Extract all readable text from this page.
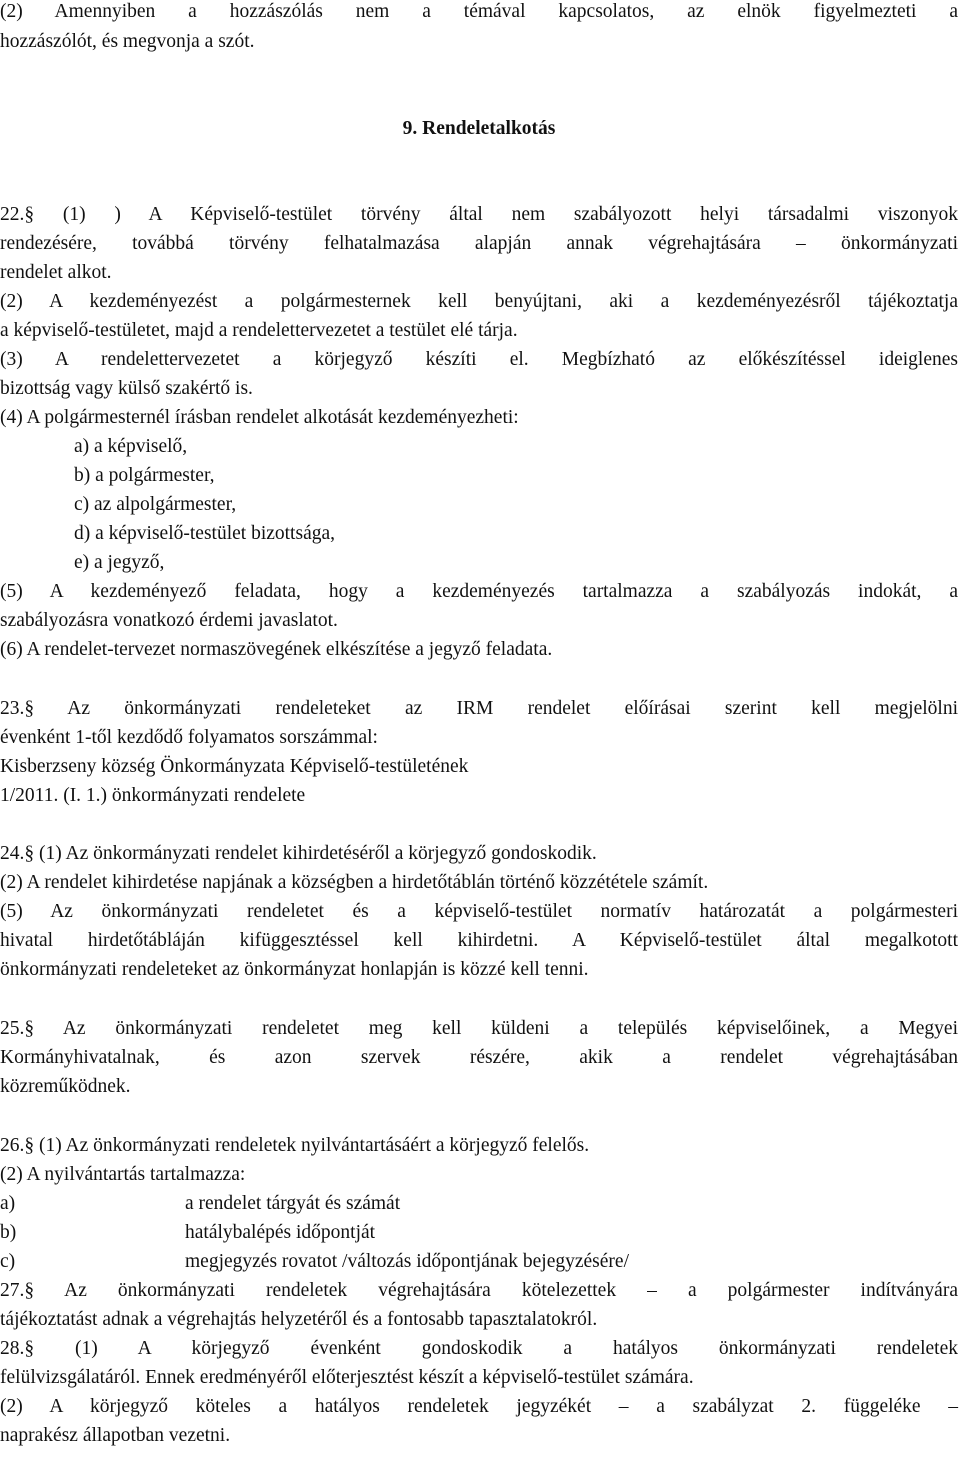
(2) Amennyiben a hozzászólás nem a témával kapcsolatos, az elnök figyelmezteti a

hozzászólót, és megvonja a szót.

9. Rendeletalkotás

22.§ (1) ) A Képviselő-testület törvény által nem szabályozott helyi társadalmi viszonyok

rendezésére, továbbá törvény felhatalmazása alapján annak végrehajtására – önkormányzati

rendelet alkot.

(2) A kezdeményezést a polgármesternek kell benyújtani, aki a kezdeményezésről tájékoztatja

a képviselő-testületet, majd a rendelettervezetet a testület elé tárja.

(3) A rendelettervezetet a körjegyző készíti el. Megbízható az előkészítéssel ideiglenes

bizottság vagy külső szakértő is.

(4) A polgármesternél írásban rendelet alkotását kezdeményezheti:

a) a képviselő,

b) a polgármester,

c) az alpolgármester,

d) a képviselő-testület bizottsága,

e) a jegyző,

(5) A kezdeményező feladata, hogy a kezdeményezés tartalmazza a szabályozás indokát, a

szabályozásra vonatkozó érdemi javaslatot.

(6) A rendelet-tervezet normaszövegének elkészítése a jegyző feladata.

23.§ Az önkormányzati rendeleteket az IRM rendelet előírásai szerint kell megjelölni

évenként 1-től kezdődő folyamatos sorszámmal:

Kisberzseny község Önkormányzata Képviselő-testületének

1/2011. (I. 1.) önkormányzati rendelete

24.§ (1) Az önkormányzati rendelet kihirdetéséről a körjegyző gondoskodik.

(2) A rendelet kihirdetése napjának a községben a hirdetőtáblán történő közzététele számít.

(5) Az önkormányzati rendeletet és a képviselő-testület normatív határozatát a polgármesteri

hivatal hirdetőtábláján kifüggesztéssel kell kihirdetni. A Képviselő-testület által megalkotott

önkormányzati rendeleteket az önkormányzat honlapján is közzé kell tenni.

25.§ Az önkormányzati rendeletet meg kell küldeni a település képviselőinek, a Megyei

Kormányhivatalnak, és azon szervek részére, akik a rendelet végrehajtásában

közreműködnek.

26.§ (1) Az önkormányzati rendeletek nyilvántartásáért a körjegyző felelős.

(2) A nyilvántartás tartalmazza:

a)	a rendelet tárgyát és számát

b)	hatálybalépés időpontját

c)	megjegyzés rovatot /változás időpontjának bejegyzésére/

27.§ Az önkormányzati rendeletek végrehajtására kötelezettek – a polgármester indítványára

tájékoztatást adnak a végrehajtás helyzetéről és a fontosabb tapasztalatokról.

28.§ (1) A körjegyző évenként gondoskodik a hatályos önkormányzati rendeletek

felülvizsgálatáról. Ennek eredményéről előterjesztést készít a képviselő-testület számára.

(2) A körjegyző köteles a hatályos rendeletek jegyzékét – a szabályzat 2. függeléke –

naprakész állapotban vezetni.
